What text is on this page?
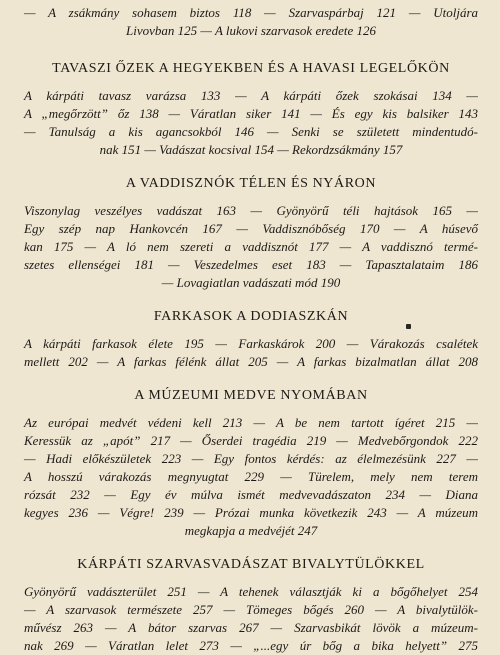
— A zsákmány sohasem biztos 118 — Szarvaspárbaj 121 — Utoljára
Livovban 125 — A lukovi szarvasok eredete 126

TAVASZI ŐZEK A HEGYEKBEN ÉS A HAVASI LEGELŐKÖN

A kárpáti tavasz varázsa 133 — A kárpáti őzek szokásai 134 —
A „megőrzött” őz 138 — Váratlan siker 141 — És egy kis balsiker 143
— Tanulság a kis agancsokból 146 — Senki se született mindentudó-
nak 151 — Vadászat kocsival 154 — Rekordzsákmány 157

A VADDISZNÓK TÉLEN ÉS NYÁRON

Viszonylag veszélyes vadászat 163 — Gyönyörű téli hajtások 165 —
Egy szép nap Hankovcén 167 — Vaddisznóbőség 170 — A húsevő
kan 175 — A ló nem szereti a vaddisznót 177 — A vaddisznó termé-
szetes ellenségei 181 — Veszedelmes eset 183 — Tapasztalataim 186
— Lovagiatlan vadászati mód 190

FARKASOK A DODIASZKÁN

A kárpáti farkasok élete 195 — Farkaskárok 200 — Várakozás csalétek
mellett 202 — A farkas félénk állat 205 — A farkas bizalmatlan állat 208

A MÚZEUMI MEDVE NYOMÁBAN

Az európai medvét védeni kell 213 — A be nem tartott ígéret 215 —
Keressük az „apót” 217 — Őserdei tragédia 219 — Medvebőrgondok 222
— Hadi előkészületek 223 — Egy fontos kérdés: az élelmezésünk 227 —
A hosszú várakozás megnyugtat 229 — Türelem, mely nem terem
rózsát 232 — Egy év múlva ismét medvevadászaton 234 — Diana
kegyes 236 — Végre! 239 — Prózai munka következik 243 — A múzeum
megkapja a medvéjét 247

KÁRPÁTI SZARVASVADÁSZAT BIVALYTÜLÖKKEL

Gyönyörű vadászterület 251 — A tehenek választják ki a bőgőhelyet 254
— A szarvasok természete 257 — Tömeges bőgés 260 — A bivalytülök-
művész 263 — A bátor szarvas 267 — Szarvasbikát lövök a múzeum-
nak 269 — Váratlan lelet 273 — „...egy úr bőg a bika helyett” 275
